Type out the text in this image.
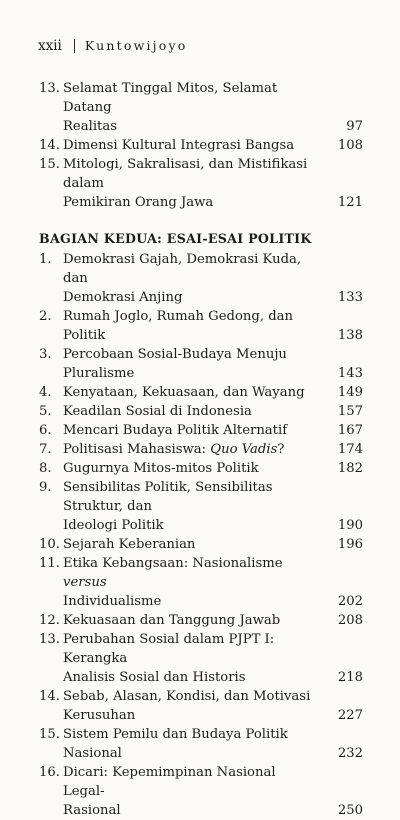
xxii Kuntowijoyo
13. Selamat Tinggal Mitos, Selamat Datang
Realitas	97
14. Dimensi Kultural Integrasi Bangsa	108
15. Mitologi, Sakralisasi, dan Mistifikasi dalam
Pemikiran Orang Jawa	121
BAGIAN KEDUA: ESAI-ESAI POLITIK
1. Demokrasi Gajah, Demokrasi Kuda, dan
Demokrasi Anjing	133
2. Rumah Joglo, Rumah Gedong, dan Politik	138
3. Percobaan Sosial-Budaya Menuju Pluralisme	143
4. Kenyataan, Kekuasaan, dan Wayang	149
5. Keadilan Sosial di Indonesia	157
6. Mencari Budaya Politik Alternatif	167
7. Politisasi Mahasiswa: Quo Vadis?	174
8. Gugurnya Mitos-mitos Politik	182
9. Sensibilitas Politik, Sensibilitas Struktur, dan
Ideologi Politik	190
10. Sejarah Keberanian	196
11. Etika Kebangsaan: Nasionalisme versus
Individualisme	202
12. Kekuasaan dan Tanggung Jawab	208
13. Perubahan Sosial dalam PJPT I: Kerangka
Analisis Sosial dan Historis	218
14. Sebab, Alasan, Kondisi, dan Motivasi
Kerusuhan	227
15. Sistem Pemilu dan Budaya Politik Nasional	232
16. Dicari: Kepemimpinan Nasional Legal-
Rasional	250
